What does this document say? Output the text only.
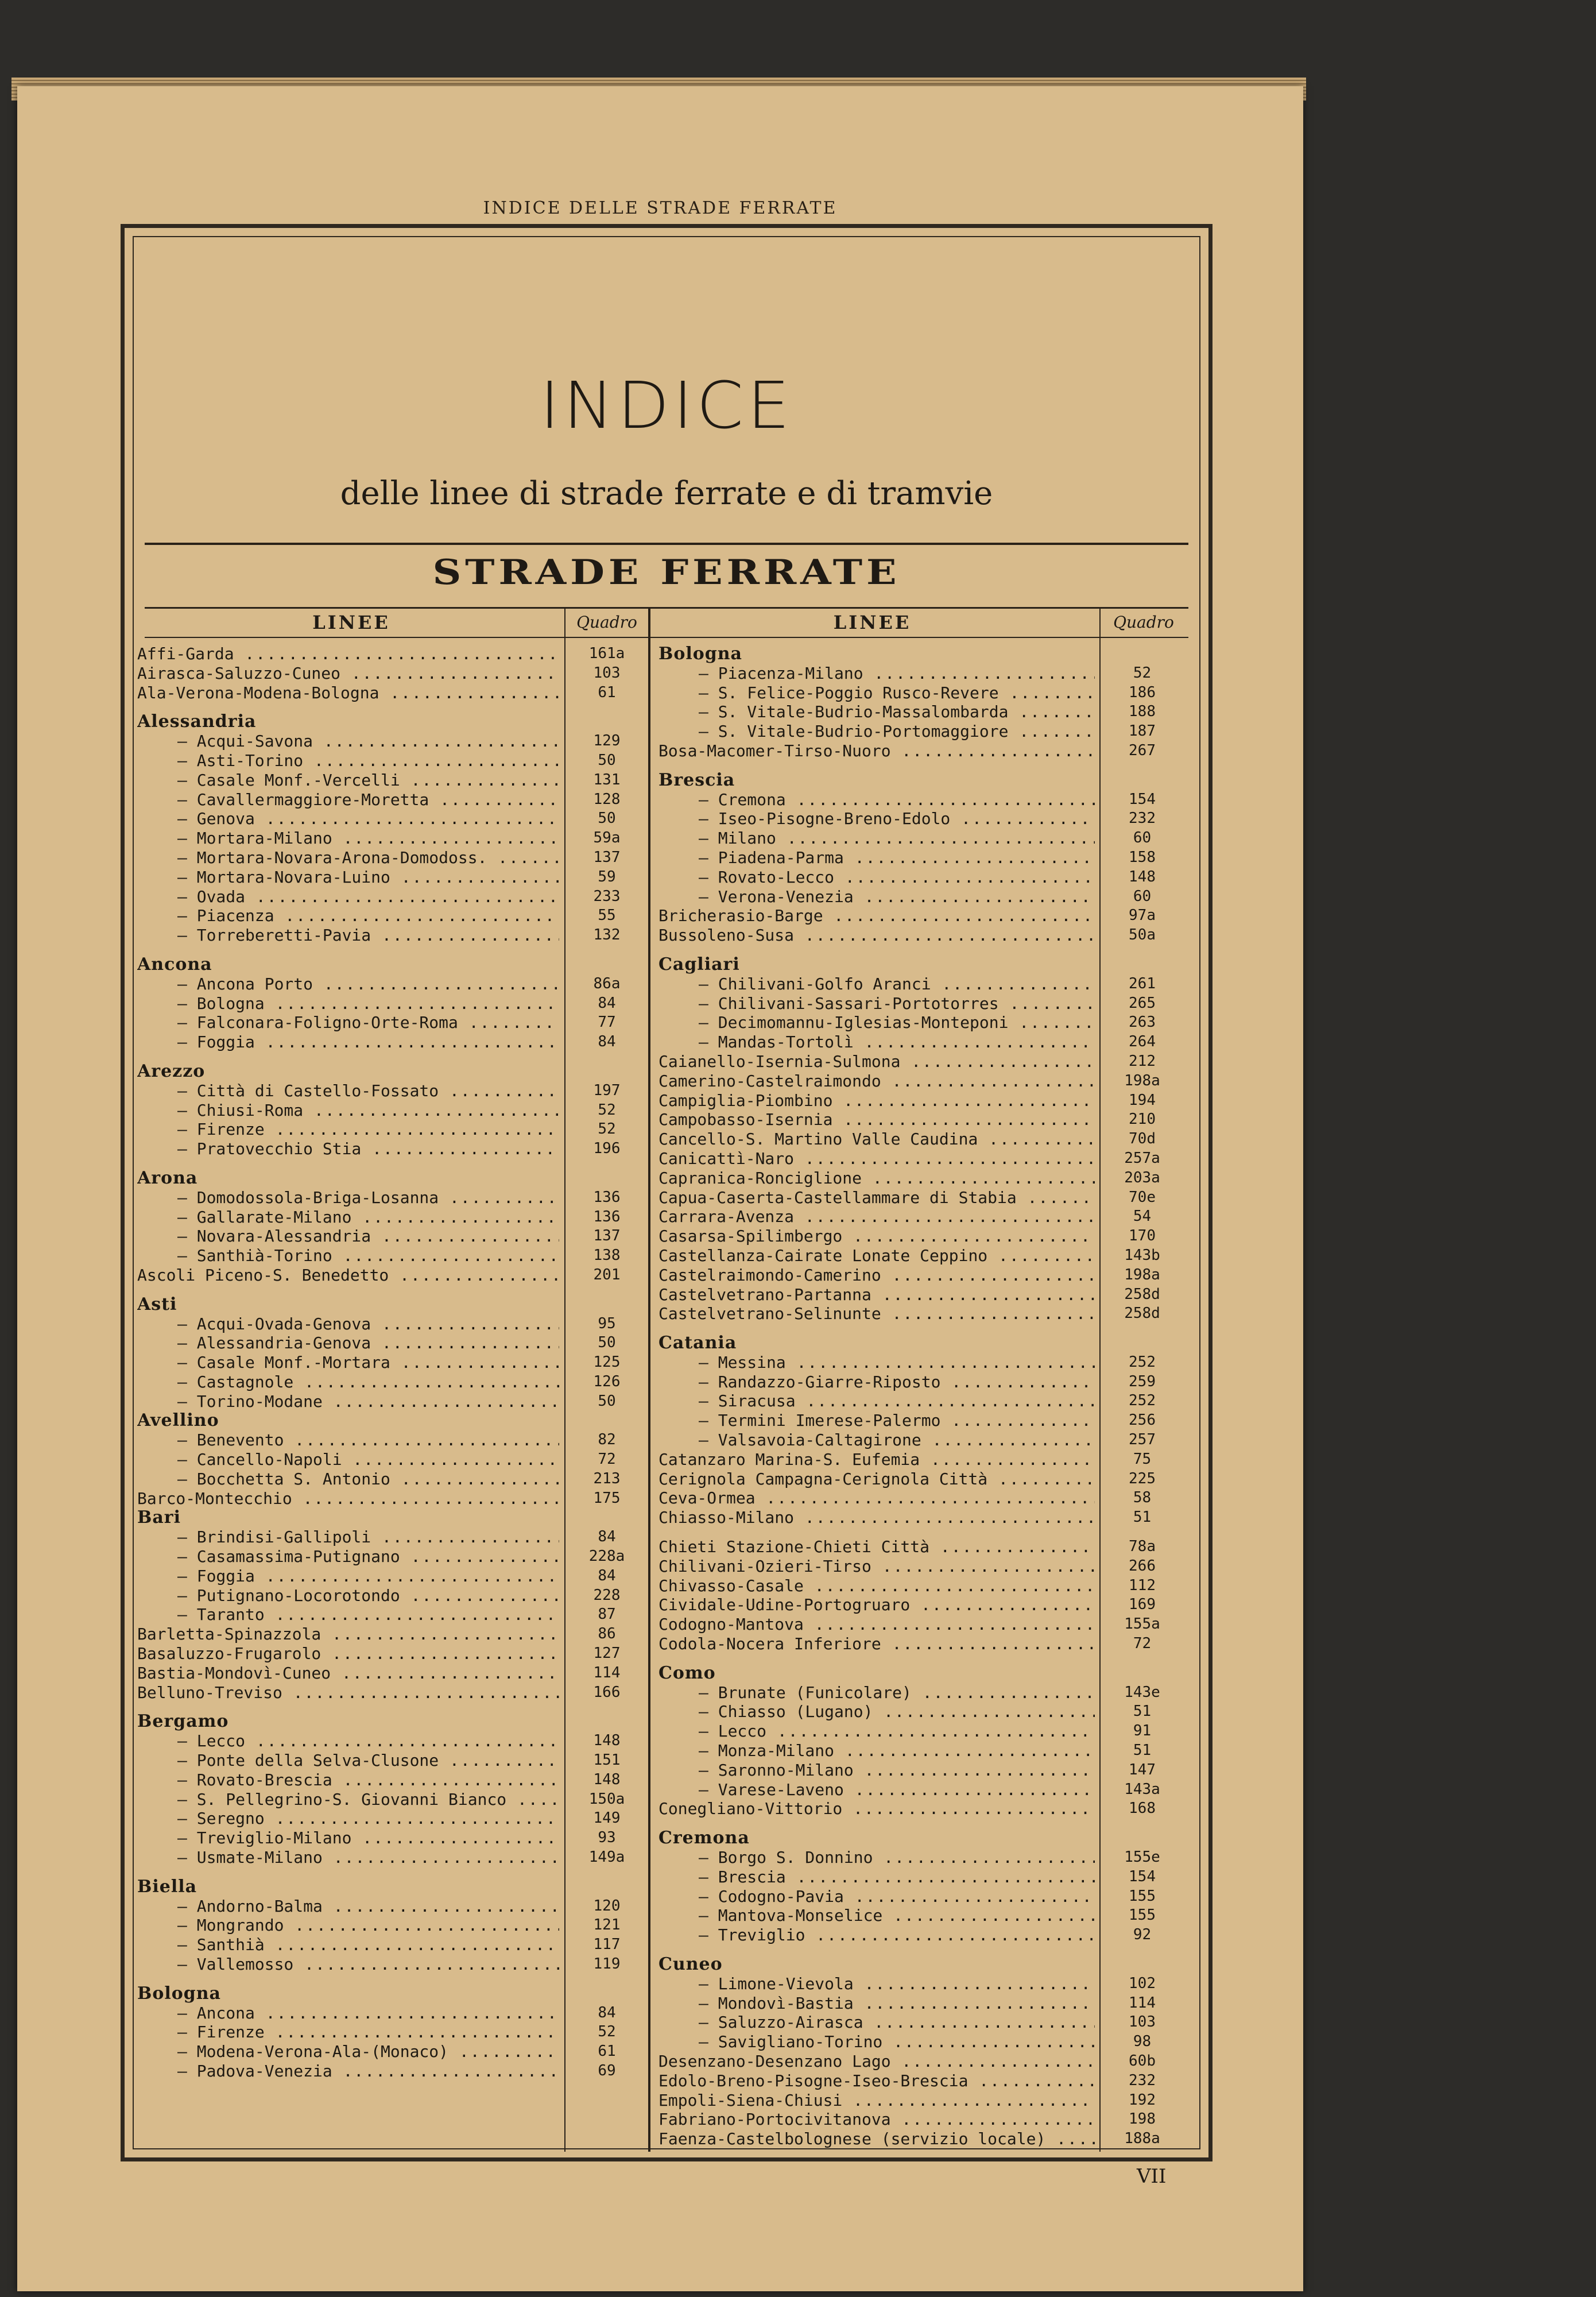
INDICE DELLE STRADE FERRATE
INDICE
delle linee di strade ferrate e di tramvie
STRADE FERRATE
LINEE	Quadro	LINEE	Quadro
Affi-Garda .....	161a
Airasca-Saluzzo-Cuneo .....	103
Ala-Verona-Modena-Bologna .....	61
Alessandria
— Acqui-Savona .....	129
— Asti-Torino .....	50
— Casale Monf.-Vercelli .....	131
— Cavallermaggiore-Moretta .....	128
— Genova .....	50
— Mortara-Milano .....	59a
— Mortara-Novara-Arona-Domodoss. .....	137
— Mortara-Novara-Luino .....	59
— Ovada .....	233
— Piacenza .....	55
— Torreberetti-Pavia .....	132
Ancona
— Ancona Porto .....	86a
— Bologna .....	84
— Falconara-Foligno-Orte-Roma .....	77
— Foggia .....	84
Arezzo
— Città di Castello-Fossato .....	197
— Chiusi-Roma .....	52
— Firenze .....	52
— Pratovecchio Stia .....	196
Arona
— Domodossola-Briga-Losanna .....	136
— Gallarate-Milano .....	136
— Novara-Alessandria .....	137
— Santhià-Torino .....	138
Ascoli Piceno-S. Benedetto .....	201
Asti
— Acqui-Ovada-Genova .....	95
— Alessandria-Genova .....	50
— Casale Monf.-Mortara .....	125
— Castagnole .....	126
— Torino-Modane .....	50
Avellino
— Benevento .....	82
— Cancello-Napoli .....	72
— Bocchetta S. Antonio .....	213
Barco-Montecchio .....	175
Bari
— Brindisi-Gallipoli .....	84
— Casamassima-Putignano .....	228a
— Foggia .....	84
— Putignano-Locorotondo .....	228
— Taranto .....	87
Barletta-Spinazzola .....	86
Basaluzzo-Frugarolo .....	127
Bastia-Mondovì-Cuneo .....	114
Belluno-Treviso .....	166
Bergamo
— Lecco .....	148
— Ponte della Selva-Clusone .....	151
— Rovato-Brescia .....	148
— S. Pellegrino-S. Giovanni Bianco .....	150a
— Seregno .....	149
— Treviglio-Milano .....	93
— Usmate-Milano .....	149a
Biella
— Andorno-Balma .....	120
— Mongrando .....	121
— Santhià .....	117
— Vallemosso .....	119
Bologna
— Ancona .....	84
— Firenze .....	52
— Modena-Verona-Ala-(Monaco) .....	61
— Padova-Venezia .....	69
Bologna
— Piacenza-Milano .....	52
— S. Felice-Poggio Rusco-Revere .....	186
— S. Vitale-Budrio-Massalombarda .....	188
— S. Vitale-Budrio-Portomaggiore .....	187
Bosa-Macomer-Tirso-Nuoro .....	267
Brescia
— Cremona .....	154
— Iseo-Pisogne-Breno-Edolo .....	232
— Milano .....	60
— Piadena-Parma .....	158
— Rovato-Lecco .....	148
— Verona-Venezia .....	60
Bricherasio-Barge .....	97a
Bussoleno-Susa .....	50a
Cagliari
— Chilivani-Golfo Aranci .....	261
— Chilivani-Sassari-Portotorres .....	265
— Decimomannu-Iglesias-Monteponi .....	263
— Mandas-Tortolì .....	264
Caianello-Isernia-Sulmona .....	212
Camerino-Castelraimondo .....	198a
Campiglia-Piombino .....	194
Campobasso-Isernia .....	210
Cancello-S. Martino Valle Caudina .....	70d
Canicattì-Naro .....	257a
Capranica-Ronciglione .....	203a
Capua-Caserta-Castellammare di Stabia .....	70e
Carrara-Avenza .....	54
Casarsa-Spilimbergo .....	170
Castellanza-Cairate Lonate Ceppino .....	143b
Castelraimondo-Camerino .....	198a
Castelvetrano-Partanna .....	258d
Castelvetrano-Selinunte .....	258d
Catania
— Messina .....	252
— Randazzo-Giarre-Riposto .....	259
— Siracusa .....	252
— Termini Imerese-Palermo .....	256
— Valsavoia-Caltagirone .....	257
Catanzaro Marina-S. Eufemia .....	75
Cerignola Campagna-Cerignola Città .....	225
Ceva-Ormea .....	58
Chiasso-Milano .....	51
Chieti Stazione-Chieti Città .....	78a
Chilivani-Ozieri-Tirso .....	266
Chivasso-Casale .....	112
Cividale-Udine-Portogruaro .....	169
Codogno-Mantova .....	155a
Codola-Nocera Inferiore .....	72
Como
— Brunate (Funicolare) .....	143e
— Chiasso (Lugano) .....	51
— Lecco .....	91
— Monza-Milano .....	51
— Saronno-Milano .....	147
— Varese-Laveno .....	143a
Conegliano-Vittorio .....	168
Cremona
— Borgo S. Donnino .....	155e
— Brescia .....	154
— Codogno-Pavia .....	155
— Mantova-Monselice .....	155
— Treviglio .....	92
Cuneo
— Limone-Vievola .....	102
— Mondovì-Bastia .....	114
— Saluzzo-Airasca .....	103
— Savigliano-Torino .....	98
Desenzano-Desenzano Lago .....	60b
Edolo-Breno-Pisogne-Iseo-Brescia .....	232
Empoli-Siena-Chiusi .....	192
Fabriano-Portocivitanova .....	198
Faenza-Castelbolognese (servizio locale) .....	188a
VII
